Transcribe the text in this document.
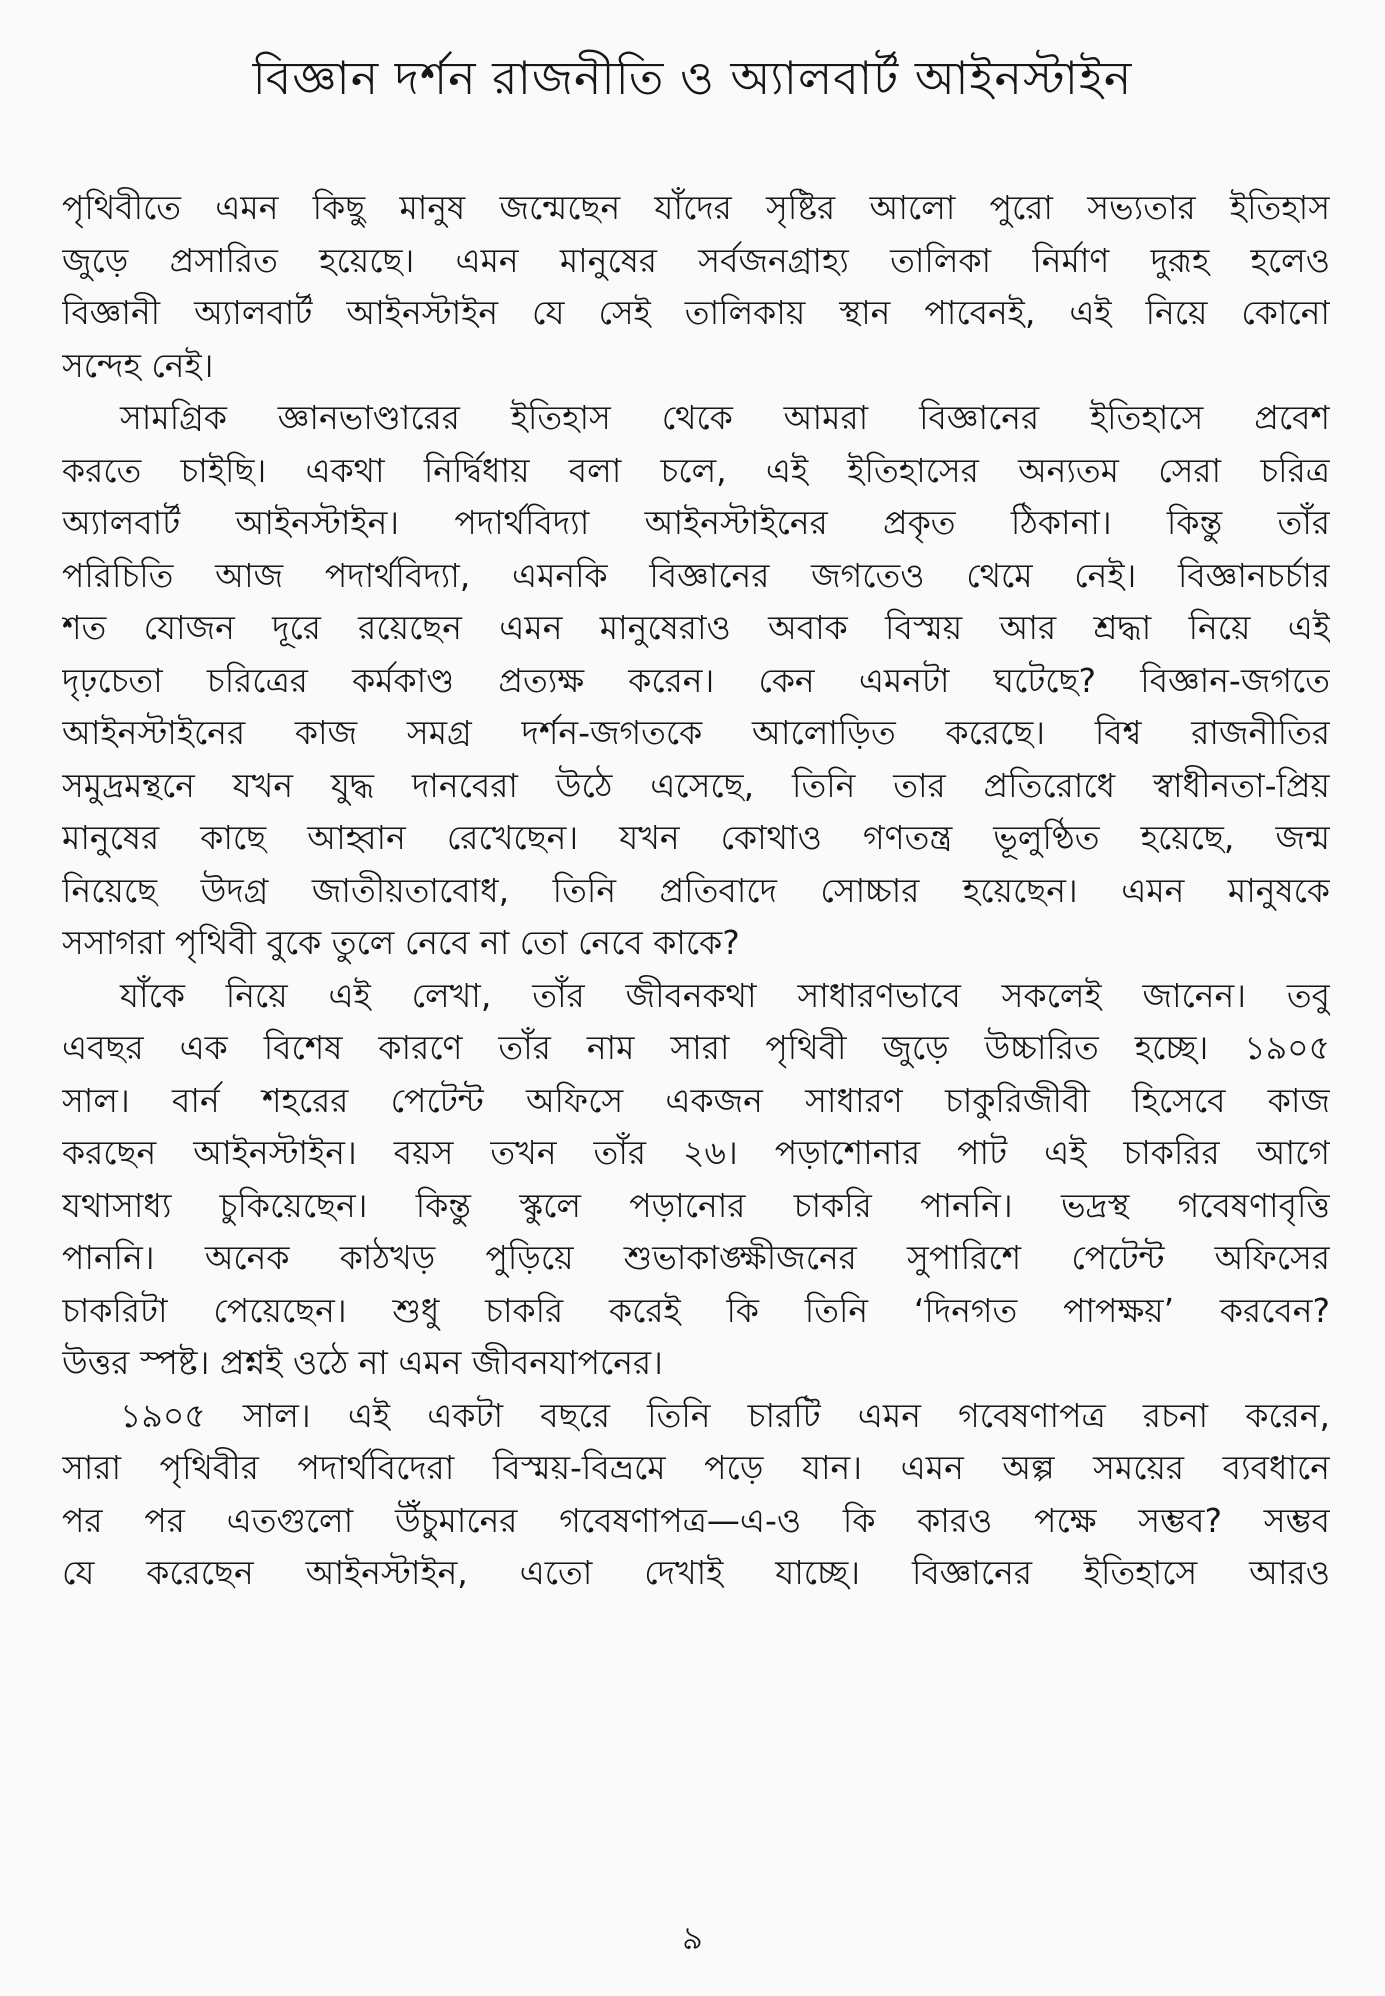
বিজ্ঞান দর্শন রাজনীতি ও অ্যালবার্ট আইনস্টাইন
পৃথিবীতে এমন কিছু মানুষ জন্মেছেন যাঁদের সৃষ্টির আলো পুরো সভ্যতার ইতিহাস
জুড়ে প্রসারিত হয়েছে। এমন মানুষের সর্বজনগ্রাহ্য তালিকা নির্মাণ দুরূহ হলেও
বিজ্ঞানী অ্যালবার্ট আইনস্টাইন যে সেই তালিকায় স্থান পাবেনই, এই নিয়ে কোনো
সন্দেহ নেই।
সামগ্রিক জ্ঞানভাণ্ডারের ইতিহাস থেকে আমরা বিজ্ঞানের ইতিহাসে প্রবেশ
করতে চাইছি। একথা নির্দ্বিধায় বলা চলে, এই ইতিহাসের অন্যতম সেরা চরিত্র
অ্যালবার্ট আইনস্টাইন। পদার্থবিদ্যা আইনস্টাইনের প্রকৃত ঠিকানা। কিন্তু তাঁর
পরিচিতি আজ পদার্থবিদ্যা, এমনকি বিজ্ঞানের জগতেও থেমে নেই। বিজ্ঞানচর্চার
শত যোজন দূরে রয়েছেন এমন মানুষেরাও অবাক বিস্ময় আর শ্রদ্ধা নিয়ে এই
দৃঢ়চেতা চরিত্রের কর্মকাণ্ড প্রত্যক্ষ করেন। কেন এমনটা ঘটেছে? বিজ্ঞান-জগতে
আইনস্টাইনের কাজ সমগ্র দর্শন-জগতকে আলোড়িত করেছে। বিশ্ব রাজনীতির
সমুদ্রমন্থনে যখন যুদ্ধ দানবেরা উঠে এসেছে, তিনি তার প্রতিরোধে স্বাধীনতা-প্রিয়
মানুষের কাছে আহ্বান রেখেছেন। যখন কোথাও গণতন্ত্র ভূলুণ্ঠিত হয়েছে, জন্ম
নিয়েছে উদগ্র জাতীয়তাবোধ, তিনি প্রতিবাদে সোচ্চার হয়েছেন। এমন মানুষকে
সসাগরা পৃথিবী বুকে তুলে নেবে না তো নেবে কাকে?
যাঁকে নিয়ে এই লেখা, তাঁর জীবনকথা সাধারণভাবে সকলেই জানেন। তবু
এবছর এক বিশেষ কারণে তাঁর নাম সারা পৃথিবী জুড়ে উচ্চারিত হচ্ছে। ১৯০৫
সাল। বার্ন শহরের পেটেন্ট অফিসে একজন সাধারণ চাকুরিজীবী হিসেবে কাজ
করছেন আইনস্টাইন। বয়স তখন তাঁর ২৬। পড়াশোনার পাট এই চাকরির আগে
যথাসাধ্য চুকিয়েছেন। কিন্তু স্কুলে পড়ানোর চাকরি পাননি। ভদ্রস্থ গবেষণাবৃত্তি
পাননি। অনেক কাঠখড় পুড়িয়ে শুভাকাঙ্ক্ষীজনের সুপারিশে পেটেন্ট অফিসের
চাকরিটা পেয়েছেন। শুধু চাকরি করেই কি তিনি ‘দিনগত পাপক্ষয়’ করবেন?
উত্তর স্পষ্ট। প্রশ্নই ওঠে না এমন জীবনযাপনের।
১৯০৫ সাল। এই একটা বছরে তিনি চারটি এমন গবেষণাপত্র রচনা করেন,
সারা পৃথিবীর পদার্থবিদেরা বিস্ময়-বিভ্রমে পড়ে যান। এমন অল্প সময়ের ব্যবধানে
পর পর এতগুলো উঁচুমানের গবেষণাপত্র—এ-ও কি কারও পক্ষে সম্ভব? সম্ভব
যে করেছেন আইনস্টাইন, এতো দেখাই যাচ্ছে। বিজ্ঞানের ইতিহাসে আরও
৯
